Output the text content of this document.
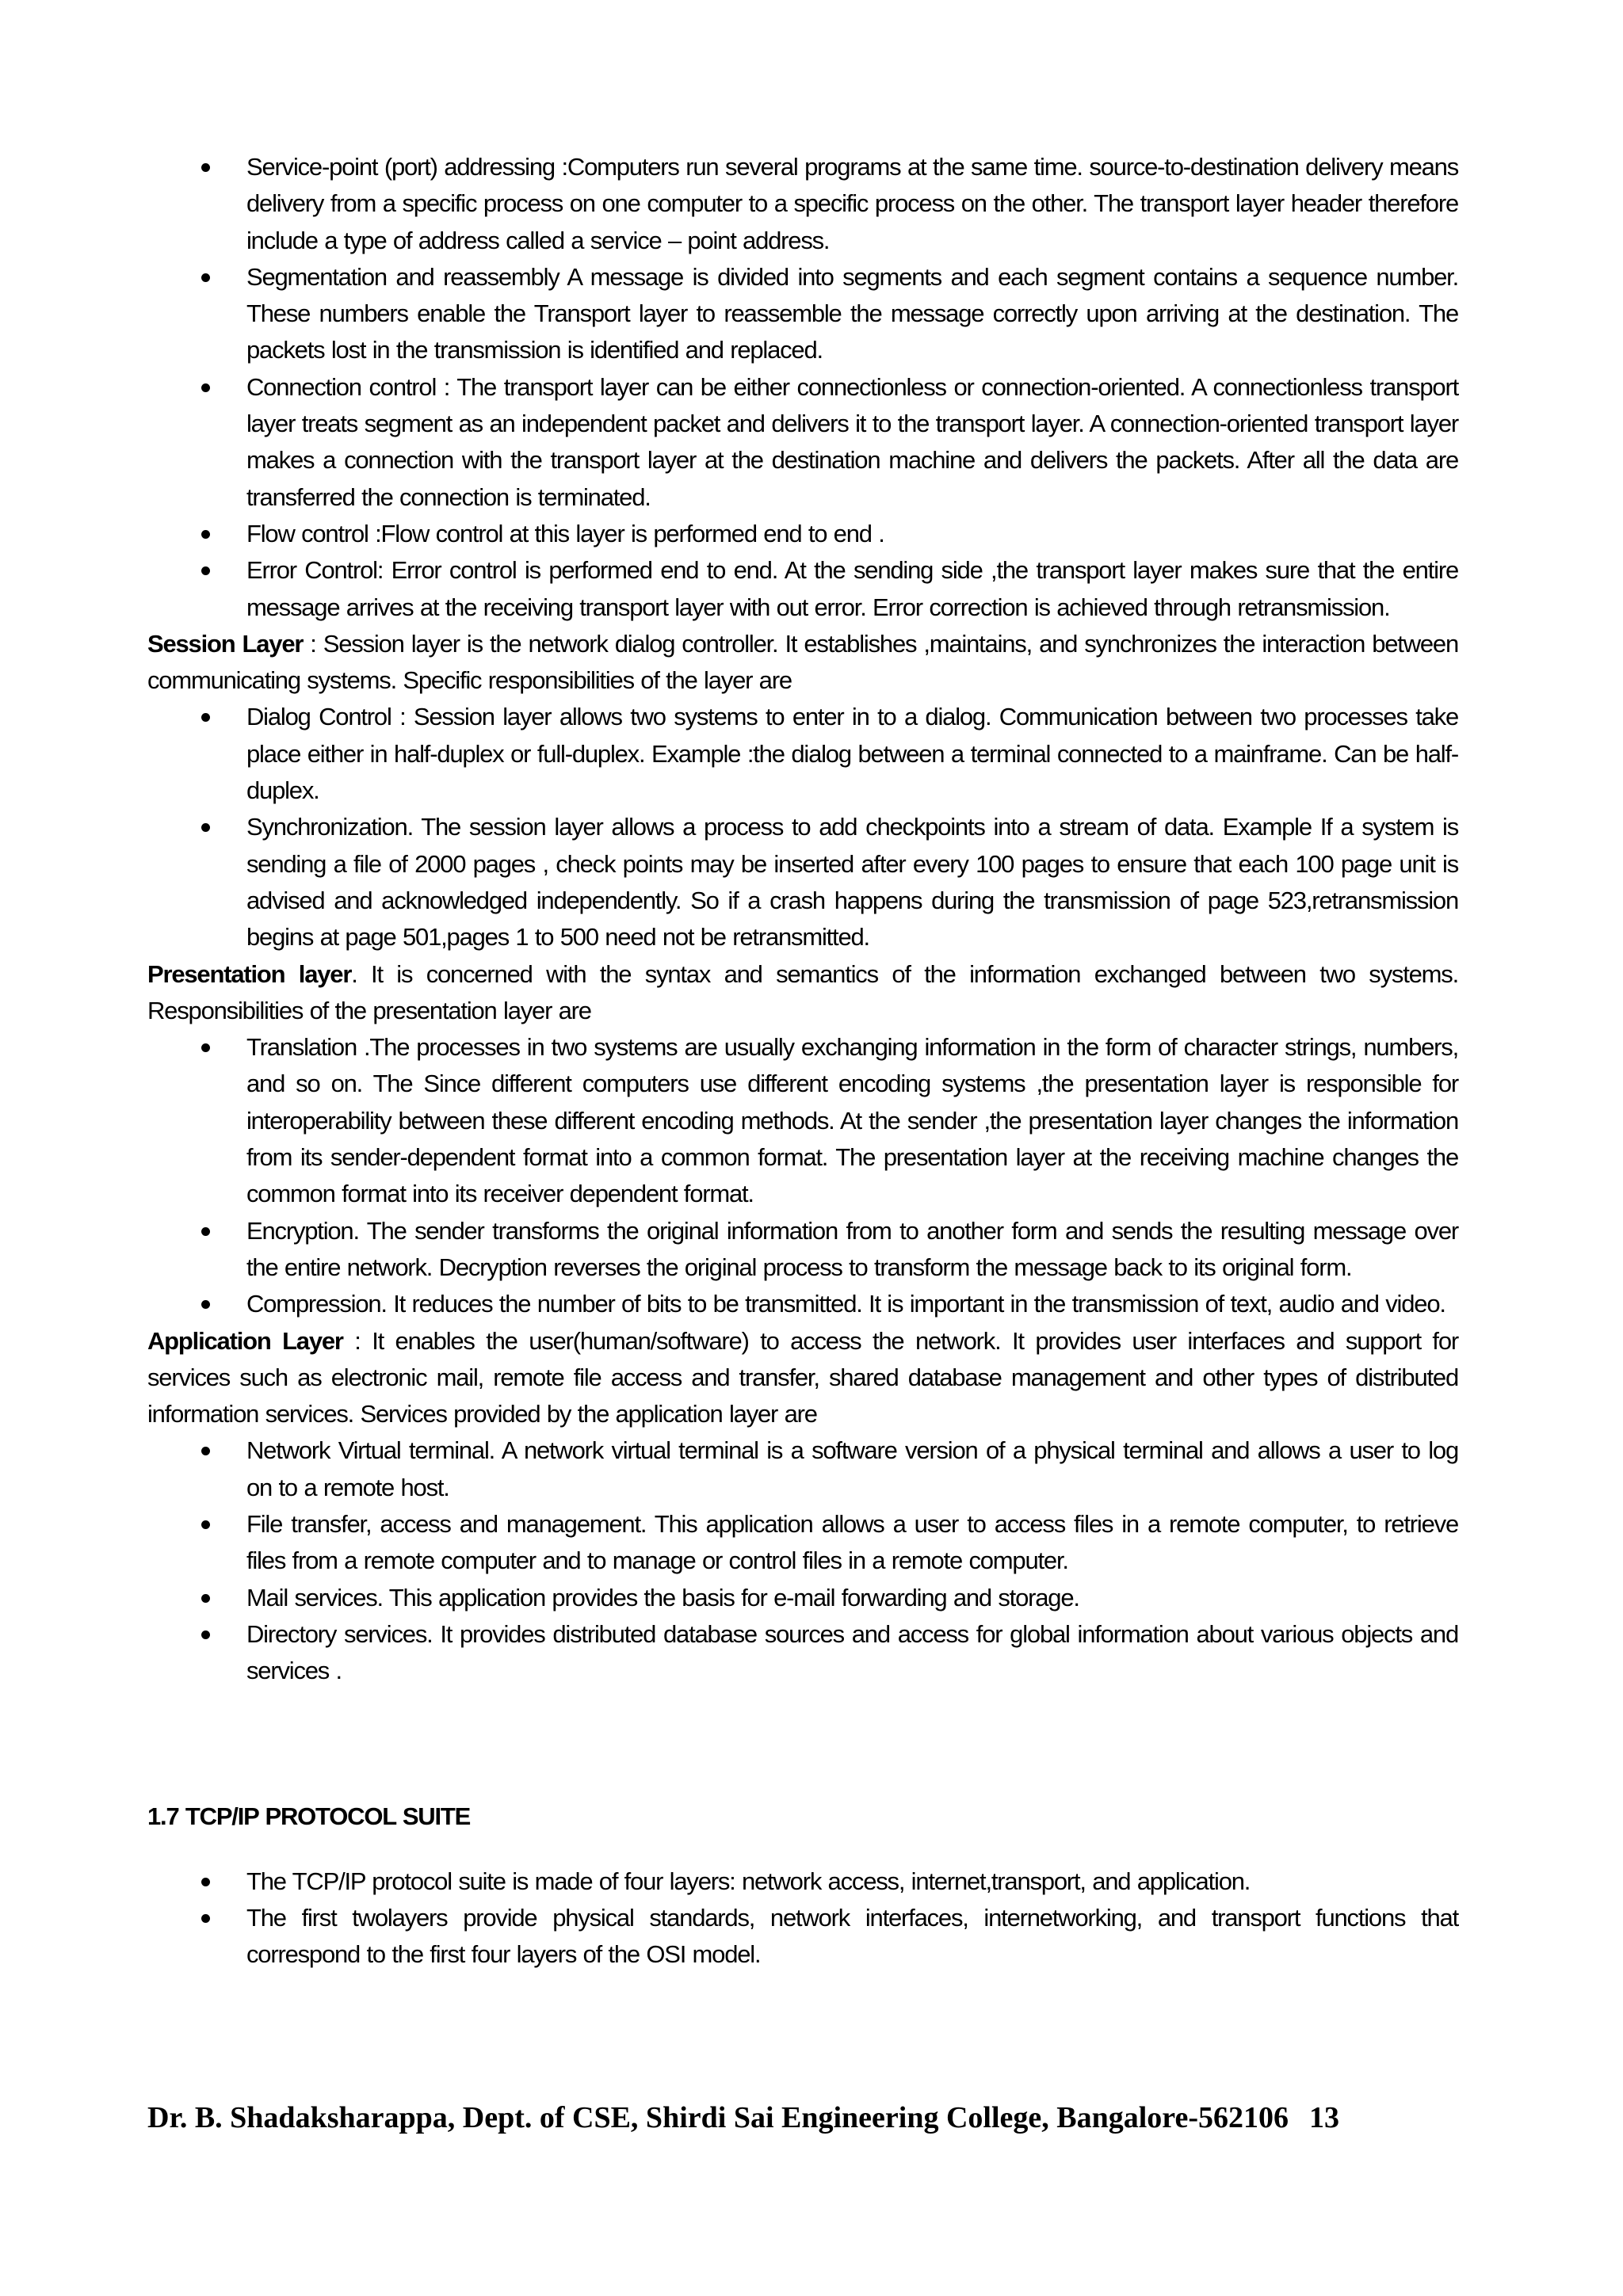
Service-point (port) addressing :Computers run several programs at the same time. source-to-destination delivery means delivery from a specific process on one computer to a specific process on the other. The transport layer header therefore include a type of address called a service – point address.
Segmentation and reassembly A message is divided into segments and each segment contains a sequence number. These numbers enable the Transport layer to reassemble the message correctly upon arriving at the destination. The packets lost in the transmission is identified and replaced.
Connection control : The transport layer can be either connectionless or connection-oriented. A connectionless transport layer treats segment as an independent packet and delivers it to the transport layer. A connection-oriented transport layer makes a connection with the transport layer at the destination machine and delivers the packets. After all the data are transferred the connection is terminated.
Flow control :Flow control at this layer is performed end to end .
Error Control: Error control is performed end to end. At the sending side ,the transport layer makes sure that the entire message arrives at the receiving transport layer with out error. Error correction is achieved through retransmission.

Session Layer : Session layer is the network dialog controller. It establishes ,maintains, and synchronizes the interaction between communicating systems. Specific responsibilities of the layer are

Dialog Control : Session layer allows two systems to enter in to a dialog. Communication between two processes take place either in half-duplex or full-duplex. Example :the dialog between a terminal connected to a mainframe. Can be half-duplex.
Synchronization. The session layer allows a process to add checkpoints into a stream of data. Example If a system is sending a file of 2000 pages , check points may be inserted after every 100 pages to ensure that each 100 page unit is advised and acknowledged independently. So if a crash happens during the transmission of page 523,retransmission begins at page 501,pages 1 to 500 need not be retransmitted.

Presentation layer. It is concerned with the syntax and semantics of the information exchanged between two systems. Responsibilities of the presentation layer are

Translation .The processes in two systems are usually exchanging information in the form of character strings, numbers, and so on. The Since different computers use different encoding systems ,the presentation layer is responsible for interoperability between these different encoding methods. At the sender ,the presentation layer changes the information from its sender-dependent format into a common format. The presentation layer at the receiving machine changes the common format into its receiver dependent format.
Encryption. The sender transforms the original information from to another form and sends the resulting message over the entire network. Decryption reverses the original process to transform the message back to its original form.
Compression. It reduces the number of bits to be transmitted. It is important in the transmission of text, audio and video.

Application Layer : It enables the user(human/software) to access the network. It provides user interfaces and support for services such as electronic mail, remote file access and transfer, shared database management and other types of distributed information services. Services provided by the application layer are

Network Virtual terminal. A network virtual terminal is a software version of a physical terminal and allows a user to log on to a remote host.
File transfer, access and management. This application allows a user to access files in a remote computer, to retrieve files from a remote computer and to manage or control files in a remote computer.
Mail services. This application provides the basis for e-mail forwarding and storage.
Directory services. It provides distributed database sources and access for global information about various objects and services .

1.7 TCP/IP PROTOCOL SUITE

The TCP/IP protocol suite is made of four layers: network access, internet,transport, and application.
The first twolayers provide physical standards, network interfaces, internetworking, and transport functions that correspond to the first four layers of the OSI model.
Dr. B. Shadaksharappa, Dept. of CSE, Shirdi Sai Engineering College, Bangalore-562106 13
